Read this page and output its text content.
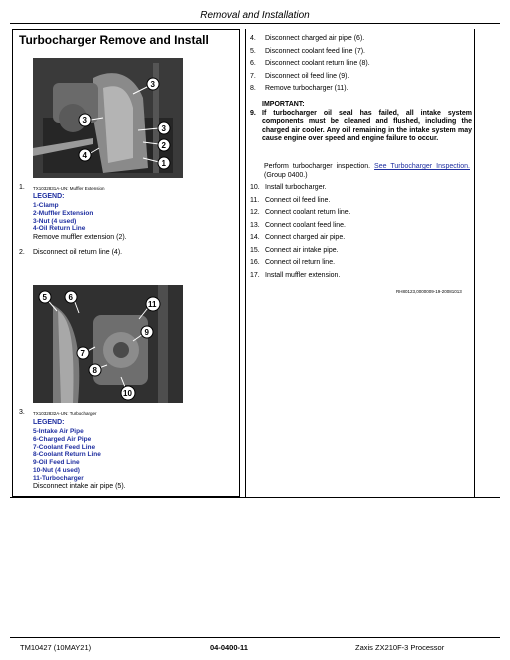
Removal and Installation
Turbocharger Remove and Install
3
3
3
4
2
1
1. TX1032831A-UN: Muffler Extension
LEGEND:
1-Clamp
2-Muffler Extension
3-Nut (4 used)
4-Oil Return Line
Remove muffler extension (2).
2. Disconnect oil return line (4).
5	6
11
9
7
8
10
3. TX1032832A-UN: Turbocharger
LEGEND:
5-Intake Air Pipe
6-Charged Air Pipe
7-Coolant Feed Line
8-Coolant Return Line
9-Oil Feed Line
10-Nut (4 used)
11-Turbocharger
Disconnect intake air pipe (5).
4. Disconnect charged air pipe (6).
5. Disconnect coolant feed line (7).
6. Disconnect coolant return line (8).
7. Disconnect oil feed line (9).
8. Remove turbocharger (11).
IMPORTANT:
9. If turbocharger oil seal has failed, all intake system components must be cleaned and flushed, including the charged air cooler. Any oil remaining in the intake system may cause engine over speed and engine failure to occur.
Perform turbocharger inspection. See Turbocharger Inspection. (Group 0400.)
10. Install turbocharger.
11. Connect oil feed line.
12. Connect coolant return line.
13. Connect coolant feed line.
14. Connect charged air pipe.
15. Connect air intake pipe.
16. Connect oil return line.
17. Install muffler extension.
RH80123,0000009-19-20081013
TM10427 (10MAY21)	04-0400-11	Zaxis ZX210F-3 Processor
